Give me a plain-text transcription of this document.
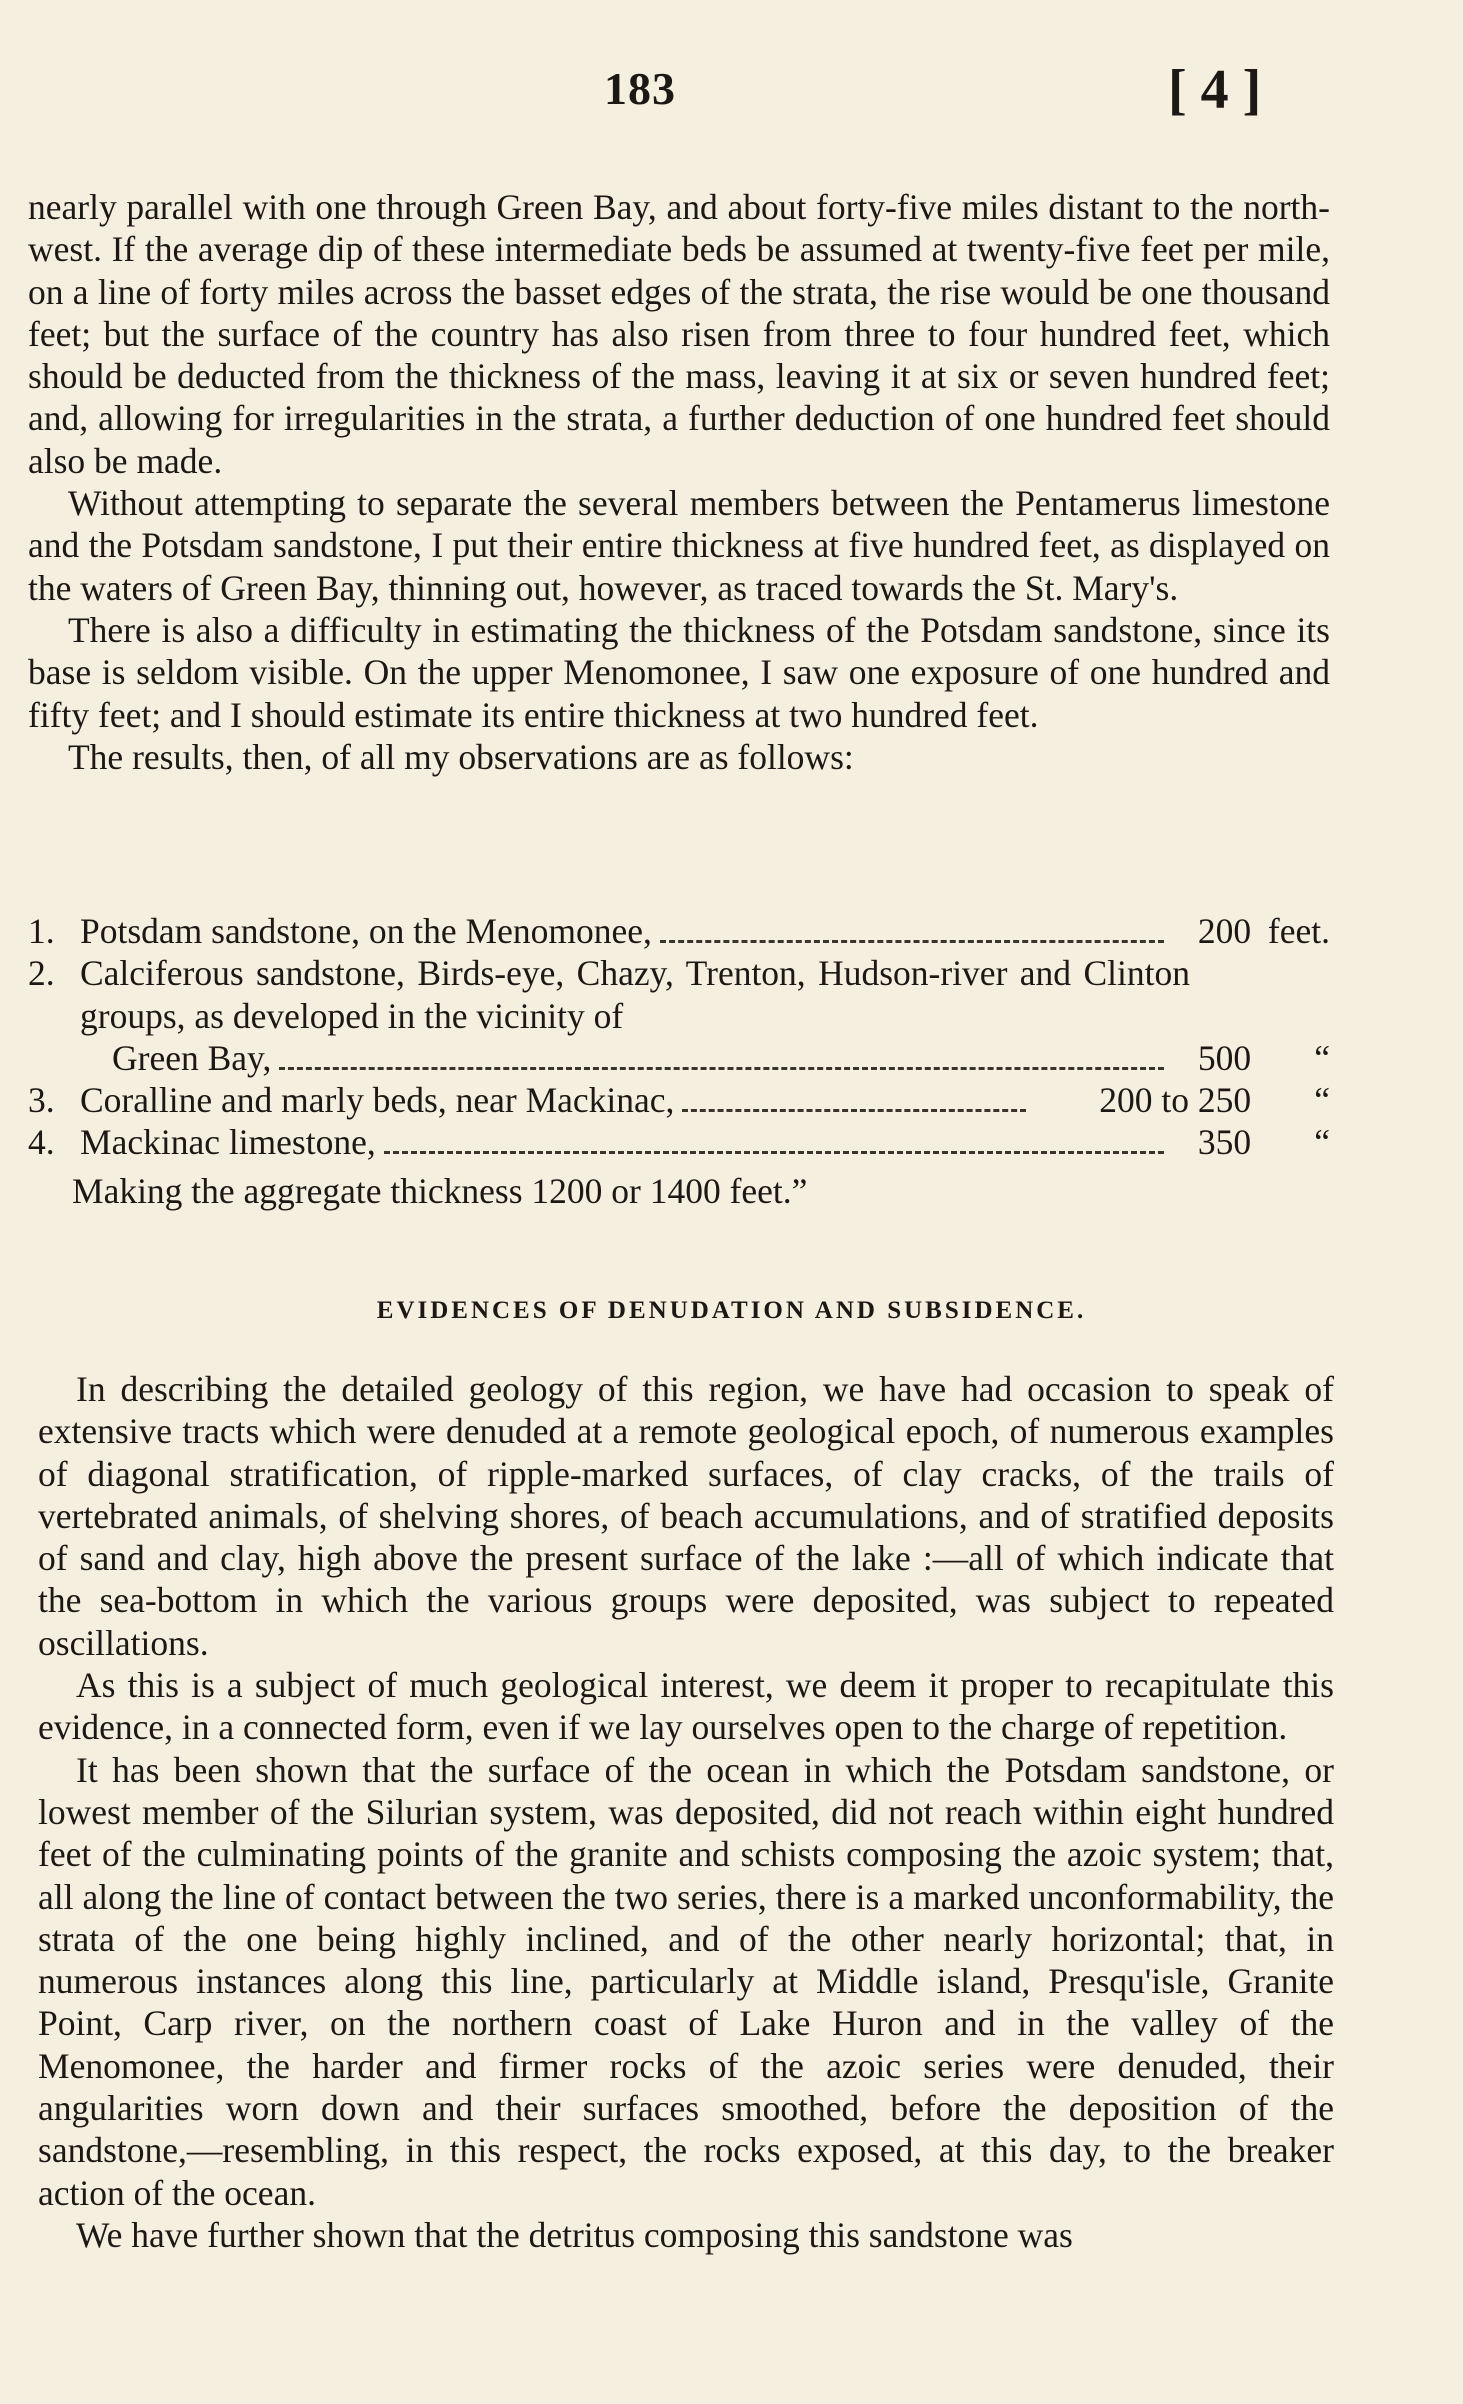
183	[ 4 ]

nearly parallel with one through Green Bay, and about forty-five miles distant to the north-west. If the average dip of these intermediate beds be assumed at twenty-five feet per mile, on a line of forty miles across the basset edges of the strata, the rise would be one thousand feet; but the surface of the country has also risen from three to four hundred feet, which should be deducted from the thickness of the mass, leaving it at six or seven hundred feet; and, allowing for irregularities in the strata, a further deduction of one hundred feet should also be made.

Without attempting to separate the several members between the Pentamerus limestone and the Potsdam sandstone, I put their entire thickness at five hundred feet, as displayed on the waters of Green Bay, thinning out, however, as traced towards the St. Mary's.

There is also a difficulty in estimating the thickness of the Potsdam sandstone, since its base is seldom visible. On the upper Menomonee, I saw one exposure of one hundred and fifty feet; and I should estimate its entire thickness at two hundred feet.

The results, then, of all my observations are as follows:

1. Potsdam sandstone, on the Menomonee,	200 feet.
2. Calciferous sandstone, Birds-eye, Chazy, Trenton, Hudson-river and Clinton groups, as developed in the vicinity of
Green Bay,	500 “
3. Coralline and marly beds, near Mackinac,	200 to 250 “
4. Mackinac limestone,	350 “
Making the aggregate thickness 1200 or 1400 feet.”
EVIDENCES OF DENUDATION AND SUBSIDENCE.

In describing the detailed geology of this region, we have had occasion to speak of extensive tracts which were denuded at a remote geological epoch, of numerous examples of diagonal stratification, of ripple-marked surfaces, of clay cracks, of the trails of vertebrated animals, of shelving shores, of beach accumulations, and of stratified deposits of sand and clay, high above the present surface of the lake :—all of which indicate that the sea-bottom in which the various groups were deposited, was subject to repeated oscillations.

As this is a subject of much geological interest, we deem it proper to recapitulate this evidence, in a connected form, even if we lay ourselves open to the charge of repetition.

It has been shown that the surface of the ocean in which the Potsdam sandstone, or lowest member of the Silurian system, was deposited, did not reach within eight hundred feet of the culminating points of the granite and schists composing the azoic system; that, all along the line of contact between the two series, there is a marked unconformability, the strata of the one being highly inclined, and of the other nearly horizontal; that, in numerous instances along this line, particularly at Middle island, Presqu'isle, Granite Point, Carp river, on the northern coast of Lake Huron and in the valley of the Menomonee, the harder and firmer rocks of the azoic series were denuded, their angularities worn down and their surfaces smoothed, before the deposition of the sandstone,—resembling, in this respect, the rocks exposed, at this day, to the breaker action of the ocean.

We have further shown that the detritus composing this sandstone was
